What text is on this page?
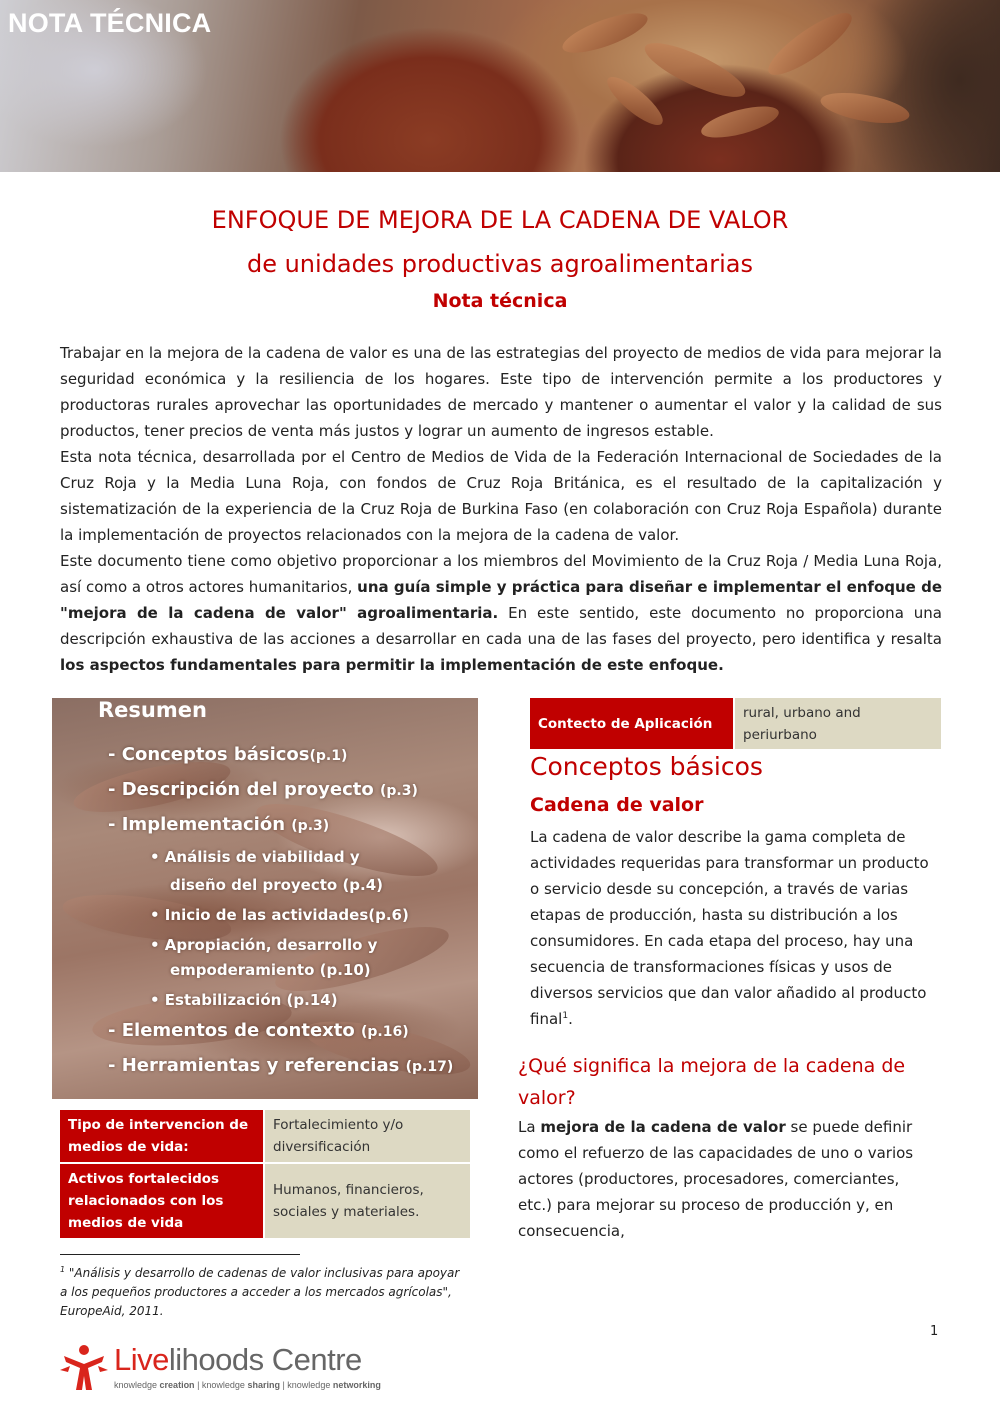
NOTA TÉCNICA
ENFOQUE DE MEJORA DE LA CADENA DE VALOR
de unidades productivas agroalimentarias
Nota técnica

Trabajar en la mejora de la cadena de valor es una de las estrategias del proyecto de medios de vida para mejorar la seguridad económica y la resiliencia de los hogares. Este tipo de intervención permite a los productores y productoras rurales aprovechar las oportunidades de mercado y mantener o aumentar el valor y la calidad de sus productos, tener precios de venta más justos y lograr un aumento de ingresos estable.

Esta nota técnica, desarrollada por el Centro de Medios de Vida de la Federación Internacional de Sociedades de la Cruz Roja y la Media Luna Roja, con fondos de Cruz Roja Británica, es el resultado de la capitalización y sistematización de la experiencia de la Cruz Roja de Burkina Faso (en colaboración con Cruz Roja Española) durante la implementación de proyectos relacionados con la mejora de la cadena de valor.

Este documento tiene como objetivo proporcionar a los miembros del Movimiento de la Cruz Roja / Media Luna Roja, así como a otros actores humanitarios, una guía simple y práctica para diseñar e implementar el enfoque de "mejora de la cadena de valor" agroalimentaria. En este sentido, este documento no proporciona una descripción exhaustiva de las acciones a desarrollar en cada una de las fases del proyecto, pero identifica y resalta los aspectos fundamentales para permitir la implementación de este enfoque.

Resumen
- Conceptos básicos(p.1)
- Descripción del proyecto (p.3)
- Implementación (p.3)
• Análisis de viabilidad y
diseño del proyecto (p.4)
• Inicio de las actividades(p.6)
• Apropiación, desarrollo y
empoderamiento (p.10)
• Estabilización (p.14)
- Elementos de contexto (p.16)
- Herramientas y referencias (p.17)
Tipo de intervencion de medios de vida:	Fortalecimiento y/o diversificación
Activos fortalecidos relacionados con los medios de vida	Humanos, financieros, sociales y materiales.
Contecto de Aplicación	rural, urbano and periurbano
Conceptos básicos
Cadena de valor
La cadena de valor describe la gama completa de actividades requeridas para transformar un producto o servicio desde su concepción, a través de varias etapas de producción, hasta su distribución a los consumidores. En cada etapa del proceso, hay una secuencia de transformaciones físicas y usos de diversos servicios que dan valor añadido al producto final$^1$.
¿Qué significa la mejora de la cadena de valor?
La mejora de la cadena de valor se puede definir como el refuerzo de las capacidades de uno o varios actores (productores, procesadores, comerciantes, etc.) para mejorar su proceso de producción y, en consecuencia,
$^1$ "Análisis y desarrollo de cadenas de valor inclusivas para apoyar a los pequeños productores a acceder a los mercados agrícolas", EuropeAid, 2011.
1
Livelihoods Centre
knowledge creation | knowledge sharing | knowledge networking
